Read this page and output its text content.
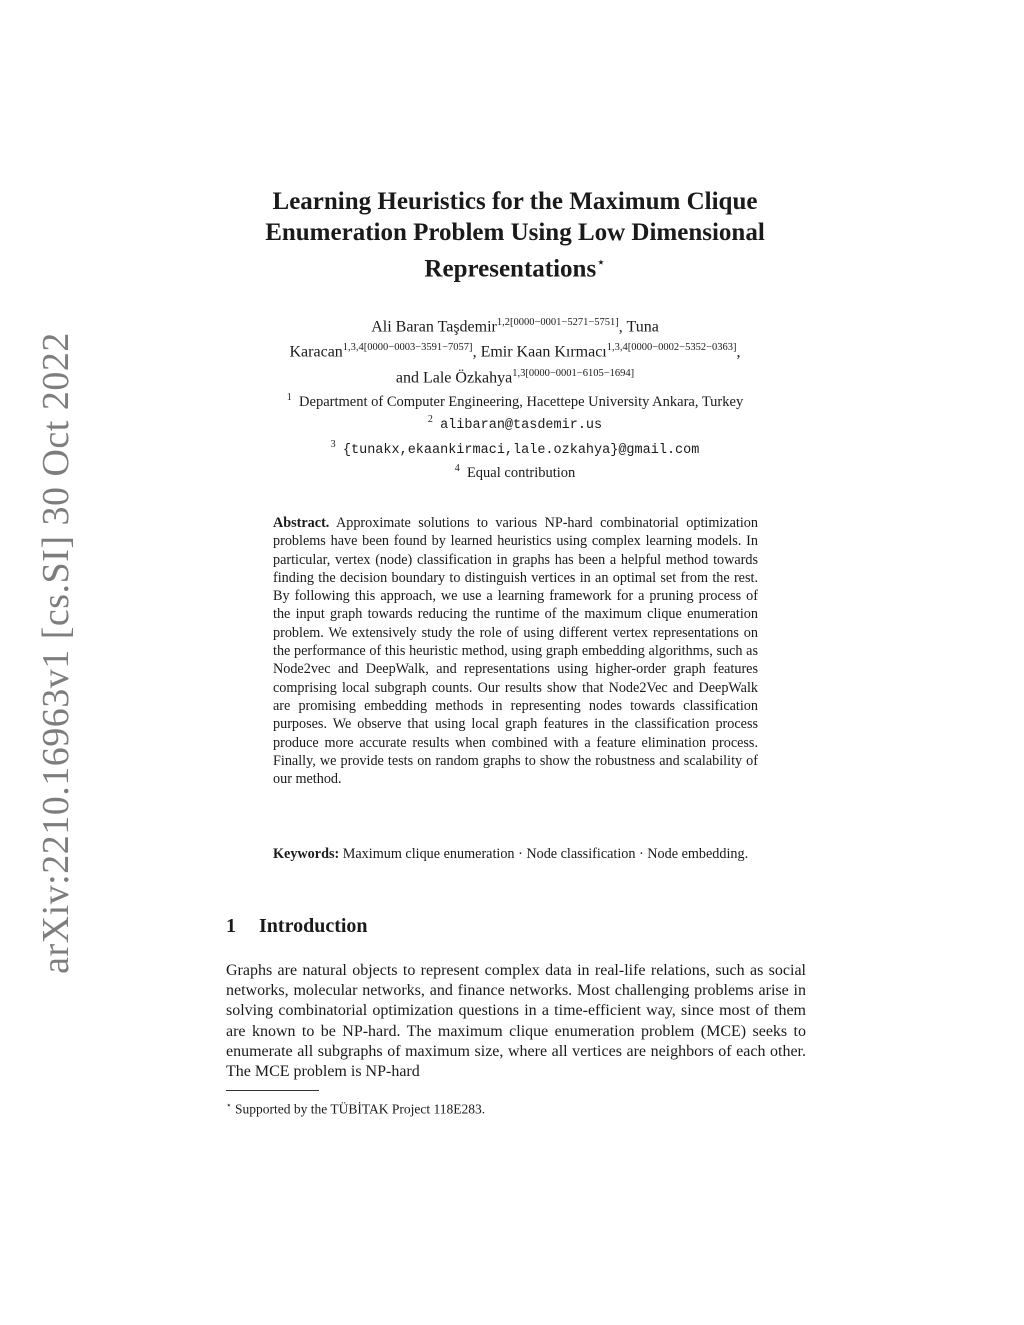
arXiv:2210.16963v1 [cs.SI] 30 Oct 2022
Learning Heuristics for the Maximum Clique
Enumeration Problem Using Low Dimensional
Representations⋆
Ali Baran Taşdemir$^{1,2[0000-0001-5271-5751]}$, Tuna
Karacan$^{1,3,4[0000-0003-3591-7057]}$, Emir Kaan Kırmacı$^{1,3,4[0000-0002-5352-0363]}$,
and Lale Özkahya$^{1,3[0000-0001-6105-1694]}$
$^1$ Department of Computer Engineering, Hacettepe University Ankara, Turkey
$^2$ alibaran@tasdemir.us
$^3$ {tunakx,ekaankirmaci,lale.ozkahya}@gmail.com
$^4$ Equal contribution
Abstract. Approximate solutions to various NP-hard combinatorial optimization problems have been found by learned heuristics using complex learning models. In particular, vertex (node) classification in graphs has been a helpful method towards finding the decision boundary to distinguish vertices in an optimal set from the rest. By following this approach, we use a learning framework for a pruning process of the input graph towards reducing the runtime of the maximum clique enumeration problem. We extensively study the role of using different vertex representations on the performance of this heuristic method, using graph embedding algorithms, such as Node2vec and DeepWalk, and representations using higher-order graph features comprising local subgraph counts. Our results show that Node2Vec and DeepWalk are promising embedding methods in representing nodes towards classification purposes. We observe that using local graph features in the classification process produce more accurate results when combined with a feature elimination process. Finally, we provide tests on random graphs to show the robustness and scalability of our method.
Keywords: Maximum clique enumeration · Node classification · Node embedding.
1 Introduction
Graphs are natural objects to represent complex data in real-life relations, such as social networks, molecular networks, and finance networks. Most challenging problems arise in solving combinatorial optimization questions in a time-efficient way, since most of them are known to be NP-hard. The maximum clique enumeration problem (MCE) seeks to enumerate all subgraphs of maximum size, where all vertices are neighbors of each other. The MCE problem is NP-hard
⋆ Supported by the TÜBİTAK Project 118E283.
